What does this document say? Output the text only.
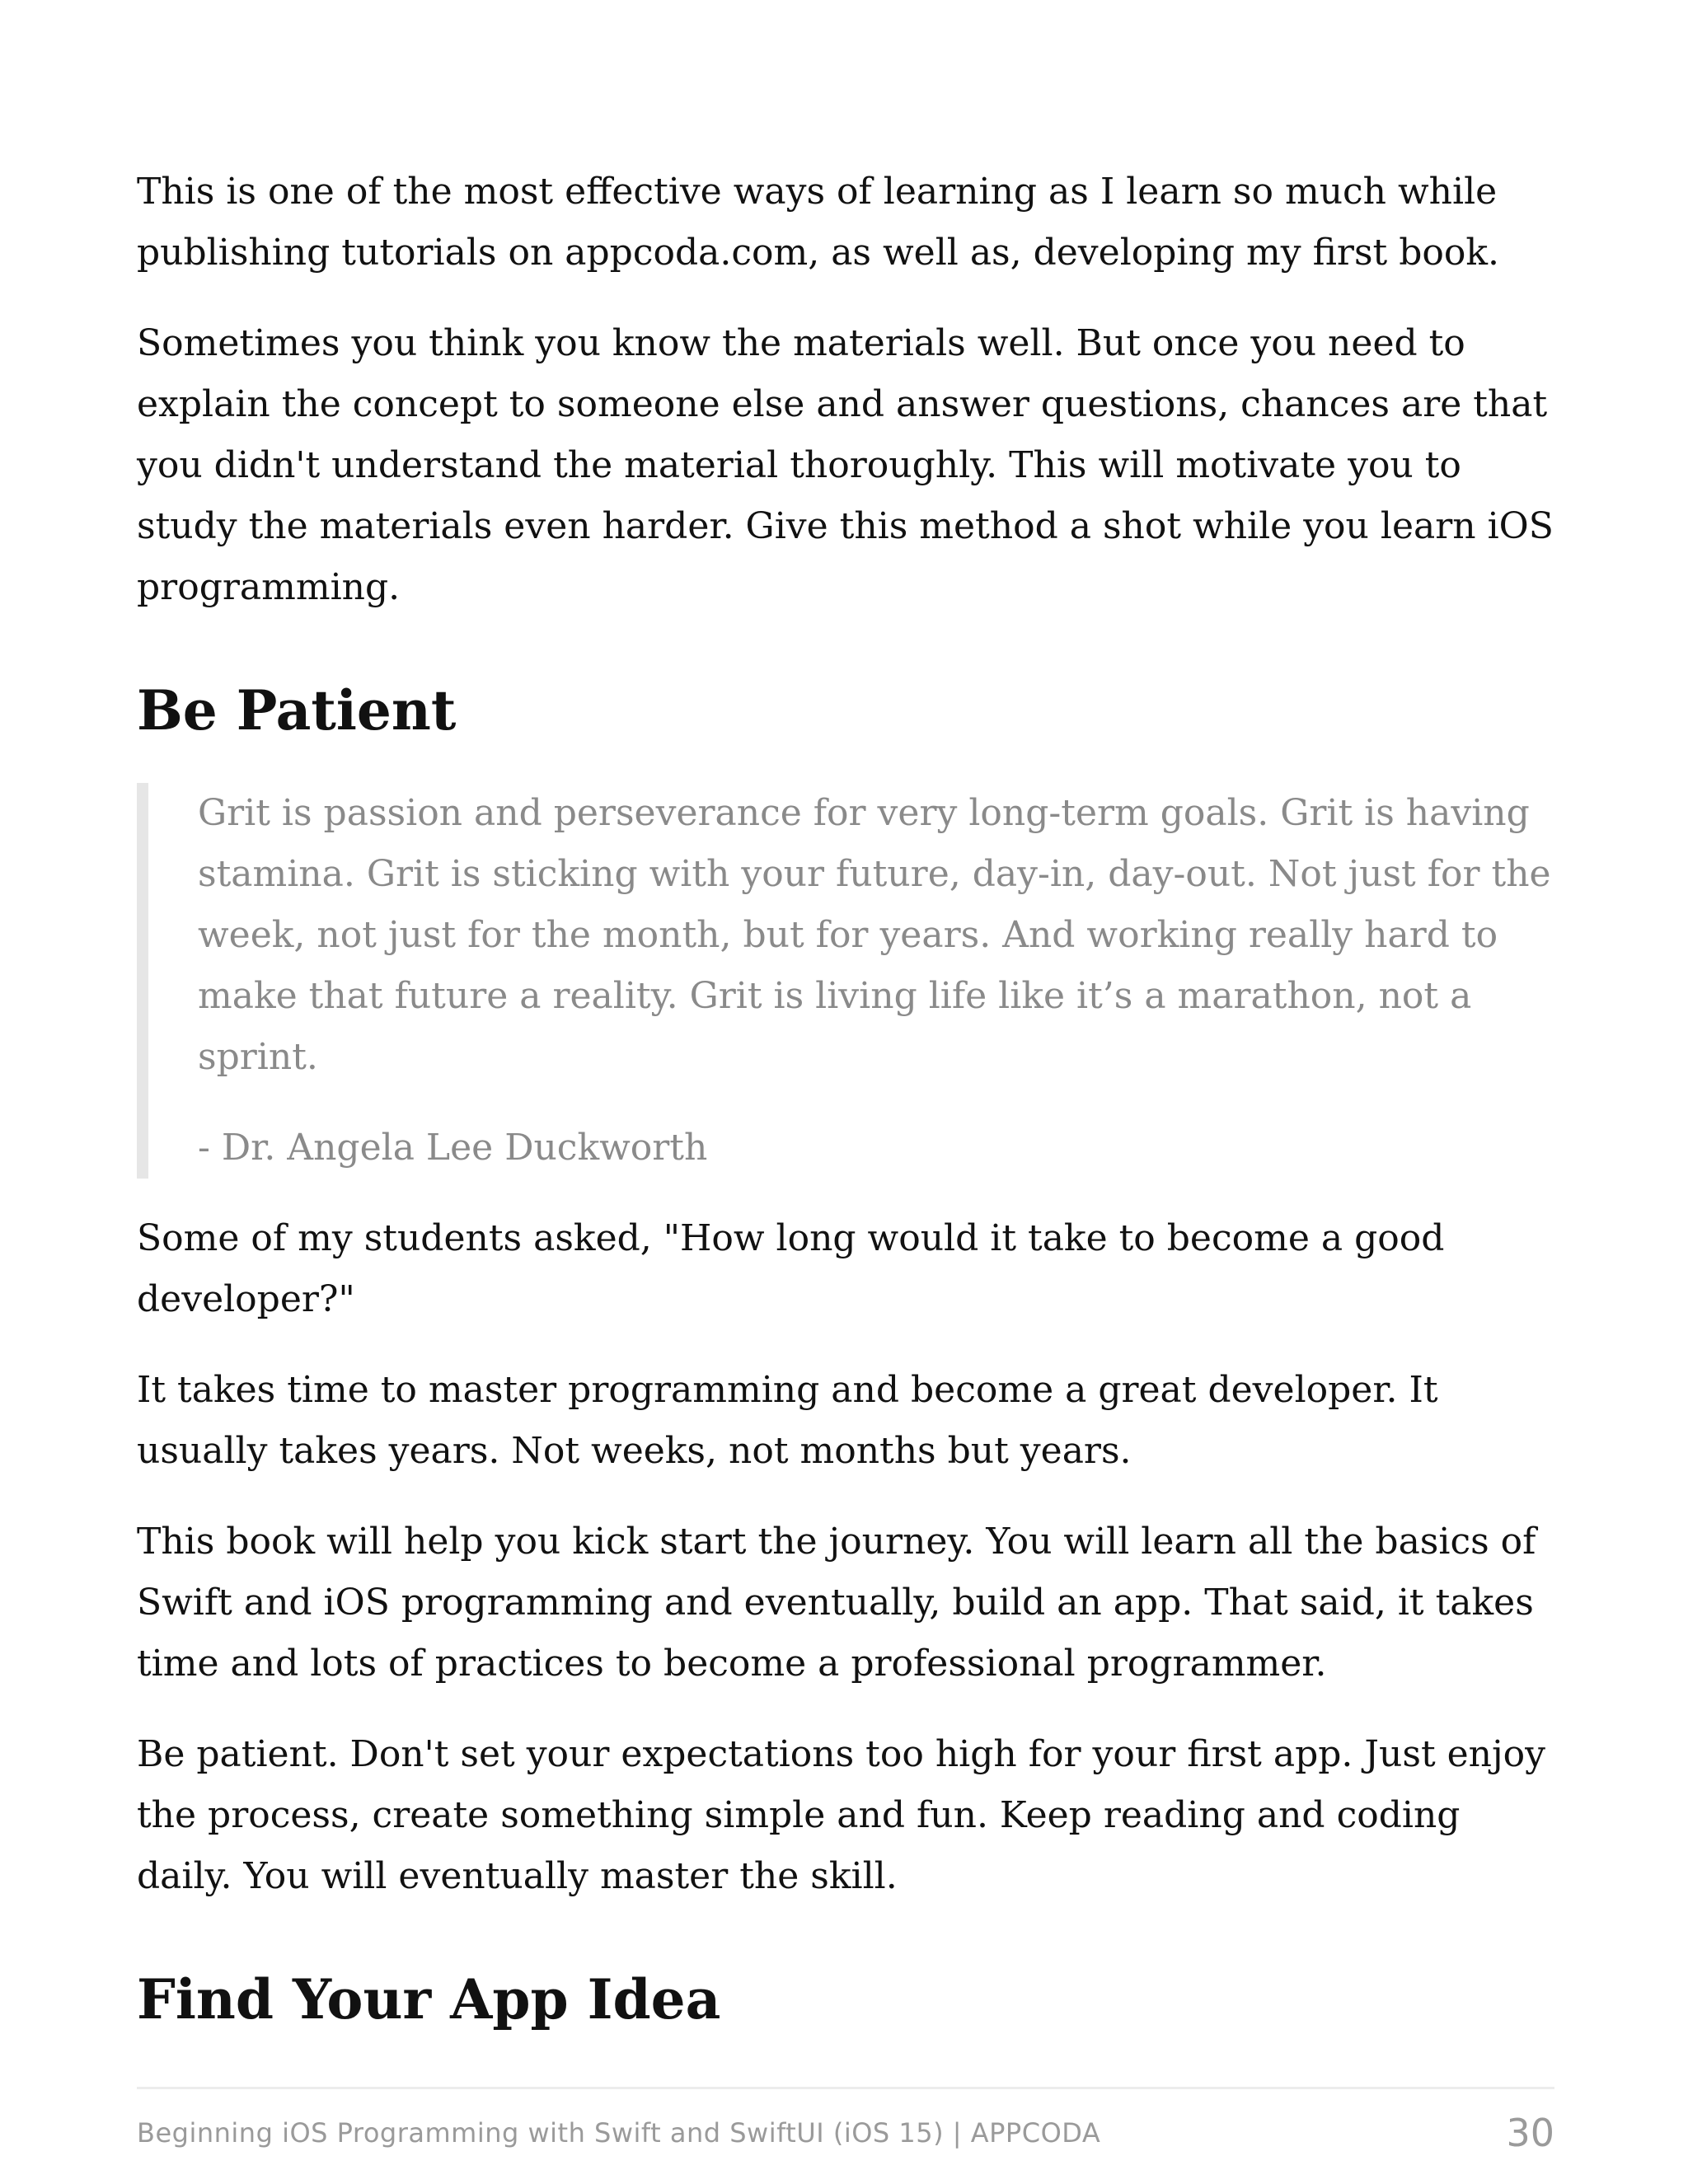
This is one of the most effective ways of learning as I learn so much while publishing tutorials on appcoda.com, as well as, developing my first book.

Sometimes you think you know the materials well. But once you need to explain the concept to someone else and answer questions, chances are that you didn't understand the material thoroughly. This will motivate you to study the materials even harder. Give this method a shot while you learn iOS programming.

Be Patient

Grit is passion and perseverance for very long-term goals. Grit is having stamina. Grit is sticking with your future, day-in, day-out. Not just for the week, not just for the month, but for years. And working really hard to make that future a reality. Grit is living life like it’s a marathon, not a sprint.

- Dr. Angela Lee Duckworth

Some of my students asked, "How long would it take to become a good developer?"

It takes time to master programming and become a great developer. It usually takes years. Not weeks, not months but years.

This book will help you kick start the journey. You will learn all the basics of Swift and iOS programming and eventually, build an app. That said, it takes time and lots of practices to become a professional programmer.

Be patient. Don't set your expectations too high for your first app. Just enjoy the process, create something simple and fun. Keep reading and coding daily. You will eventually master the skill.

Find Your App Idea
Beginning iOS Programming with Swift and SwiftUI (iOS 15) | APPCODA	30
